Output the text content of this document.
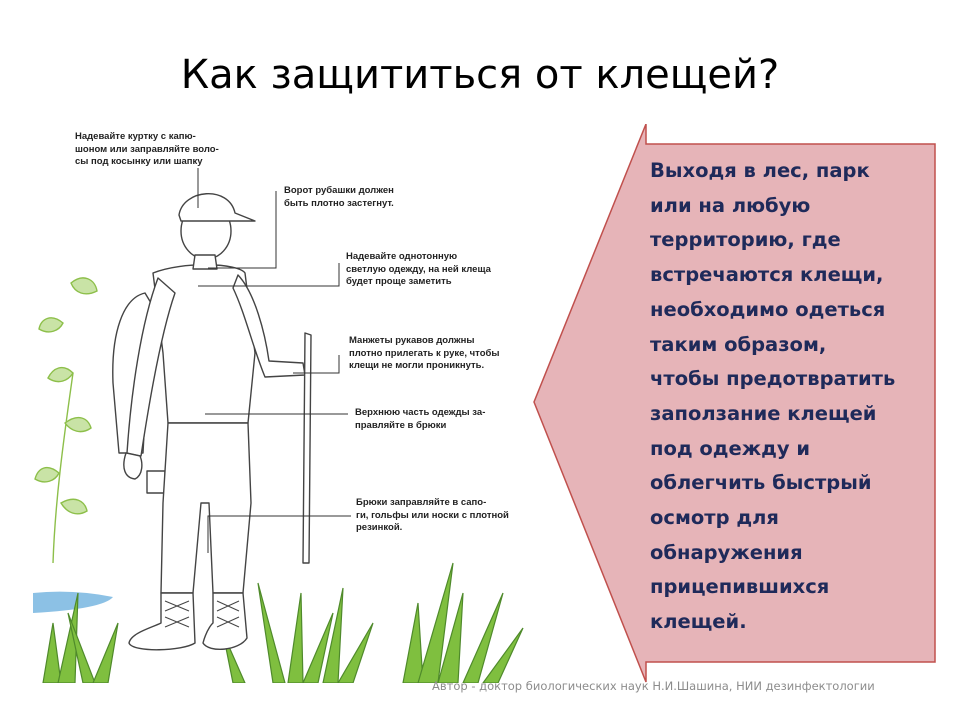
Как защититься от клещей?
Надевайте куртку с капю-
шоном или заправляйте воло-
сы под косынку или шапку
Ворот рубашки должен
быть плотно застегнут.
Надевайте однотонную
светлую одежду, на ней клеща
будет проще заметить
Манжеты рукавов должны
плотно прилегать к руке, чтобы
клещи не могли проникнуть.
Верхнюю часть одежды за-
правляйте в брюки
Брюки заправляйте в сапо-
ги, гольфы или носки с плотной
резинкой.
Выходя в лес, парк
или на любую
территорию, где
встречаются клещи,
необходимо одеться
таким образом,
чтобы предотвратить
заползание клещей
под одежду и
облегчить быстрый
осмотр для
обнаружения
прицепившихся
клещей.
Автор - доктор биологических наук Н.И.Шашина, НИИ дезинфектологии
